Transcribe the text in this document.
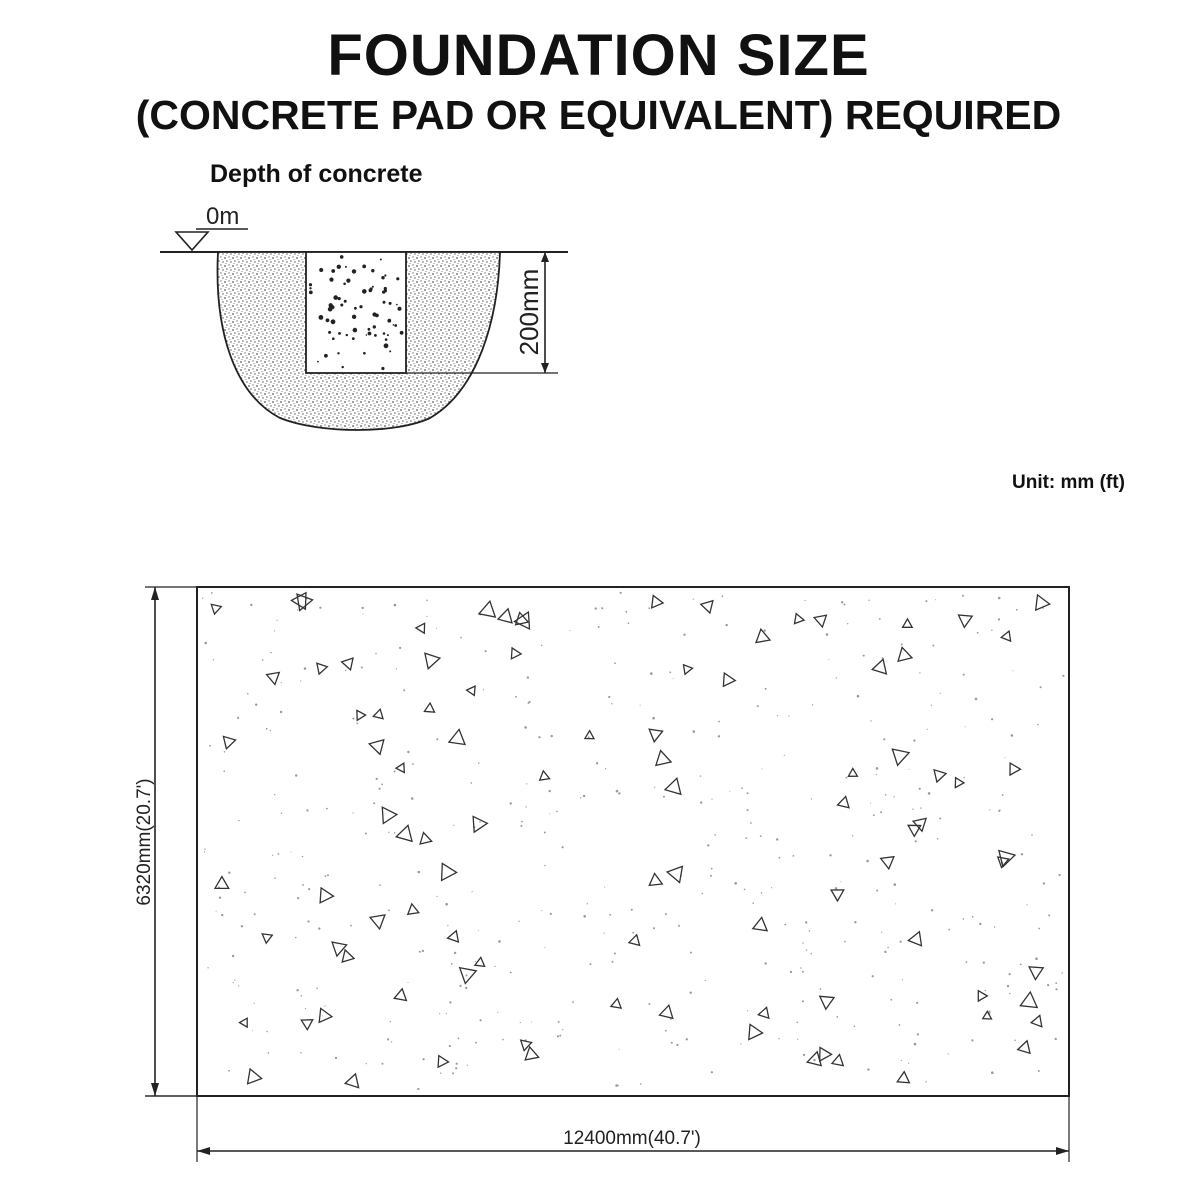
FOUNDATION SIZE
(CONCRETE PAD OR EQUIVALENT) REQUIRED
Depth of concrete
Unit: mm (ft)
0m
200mm
6320mm(20.7')
12400mm(40.7')
